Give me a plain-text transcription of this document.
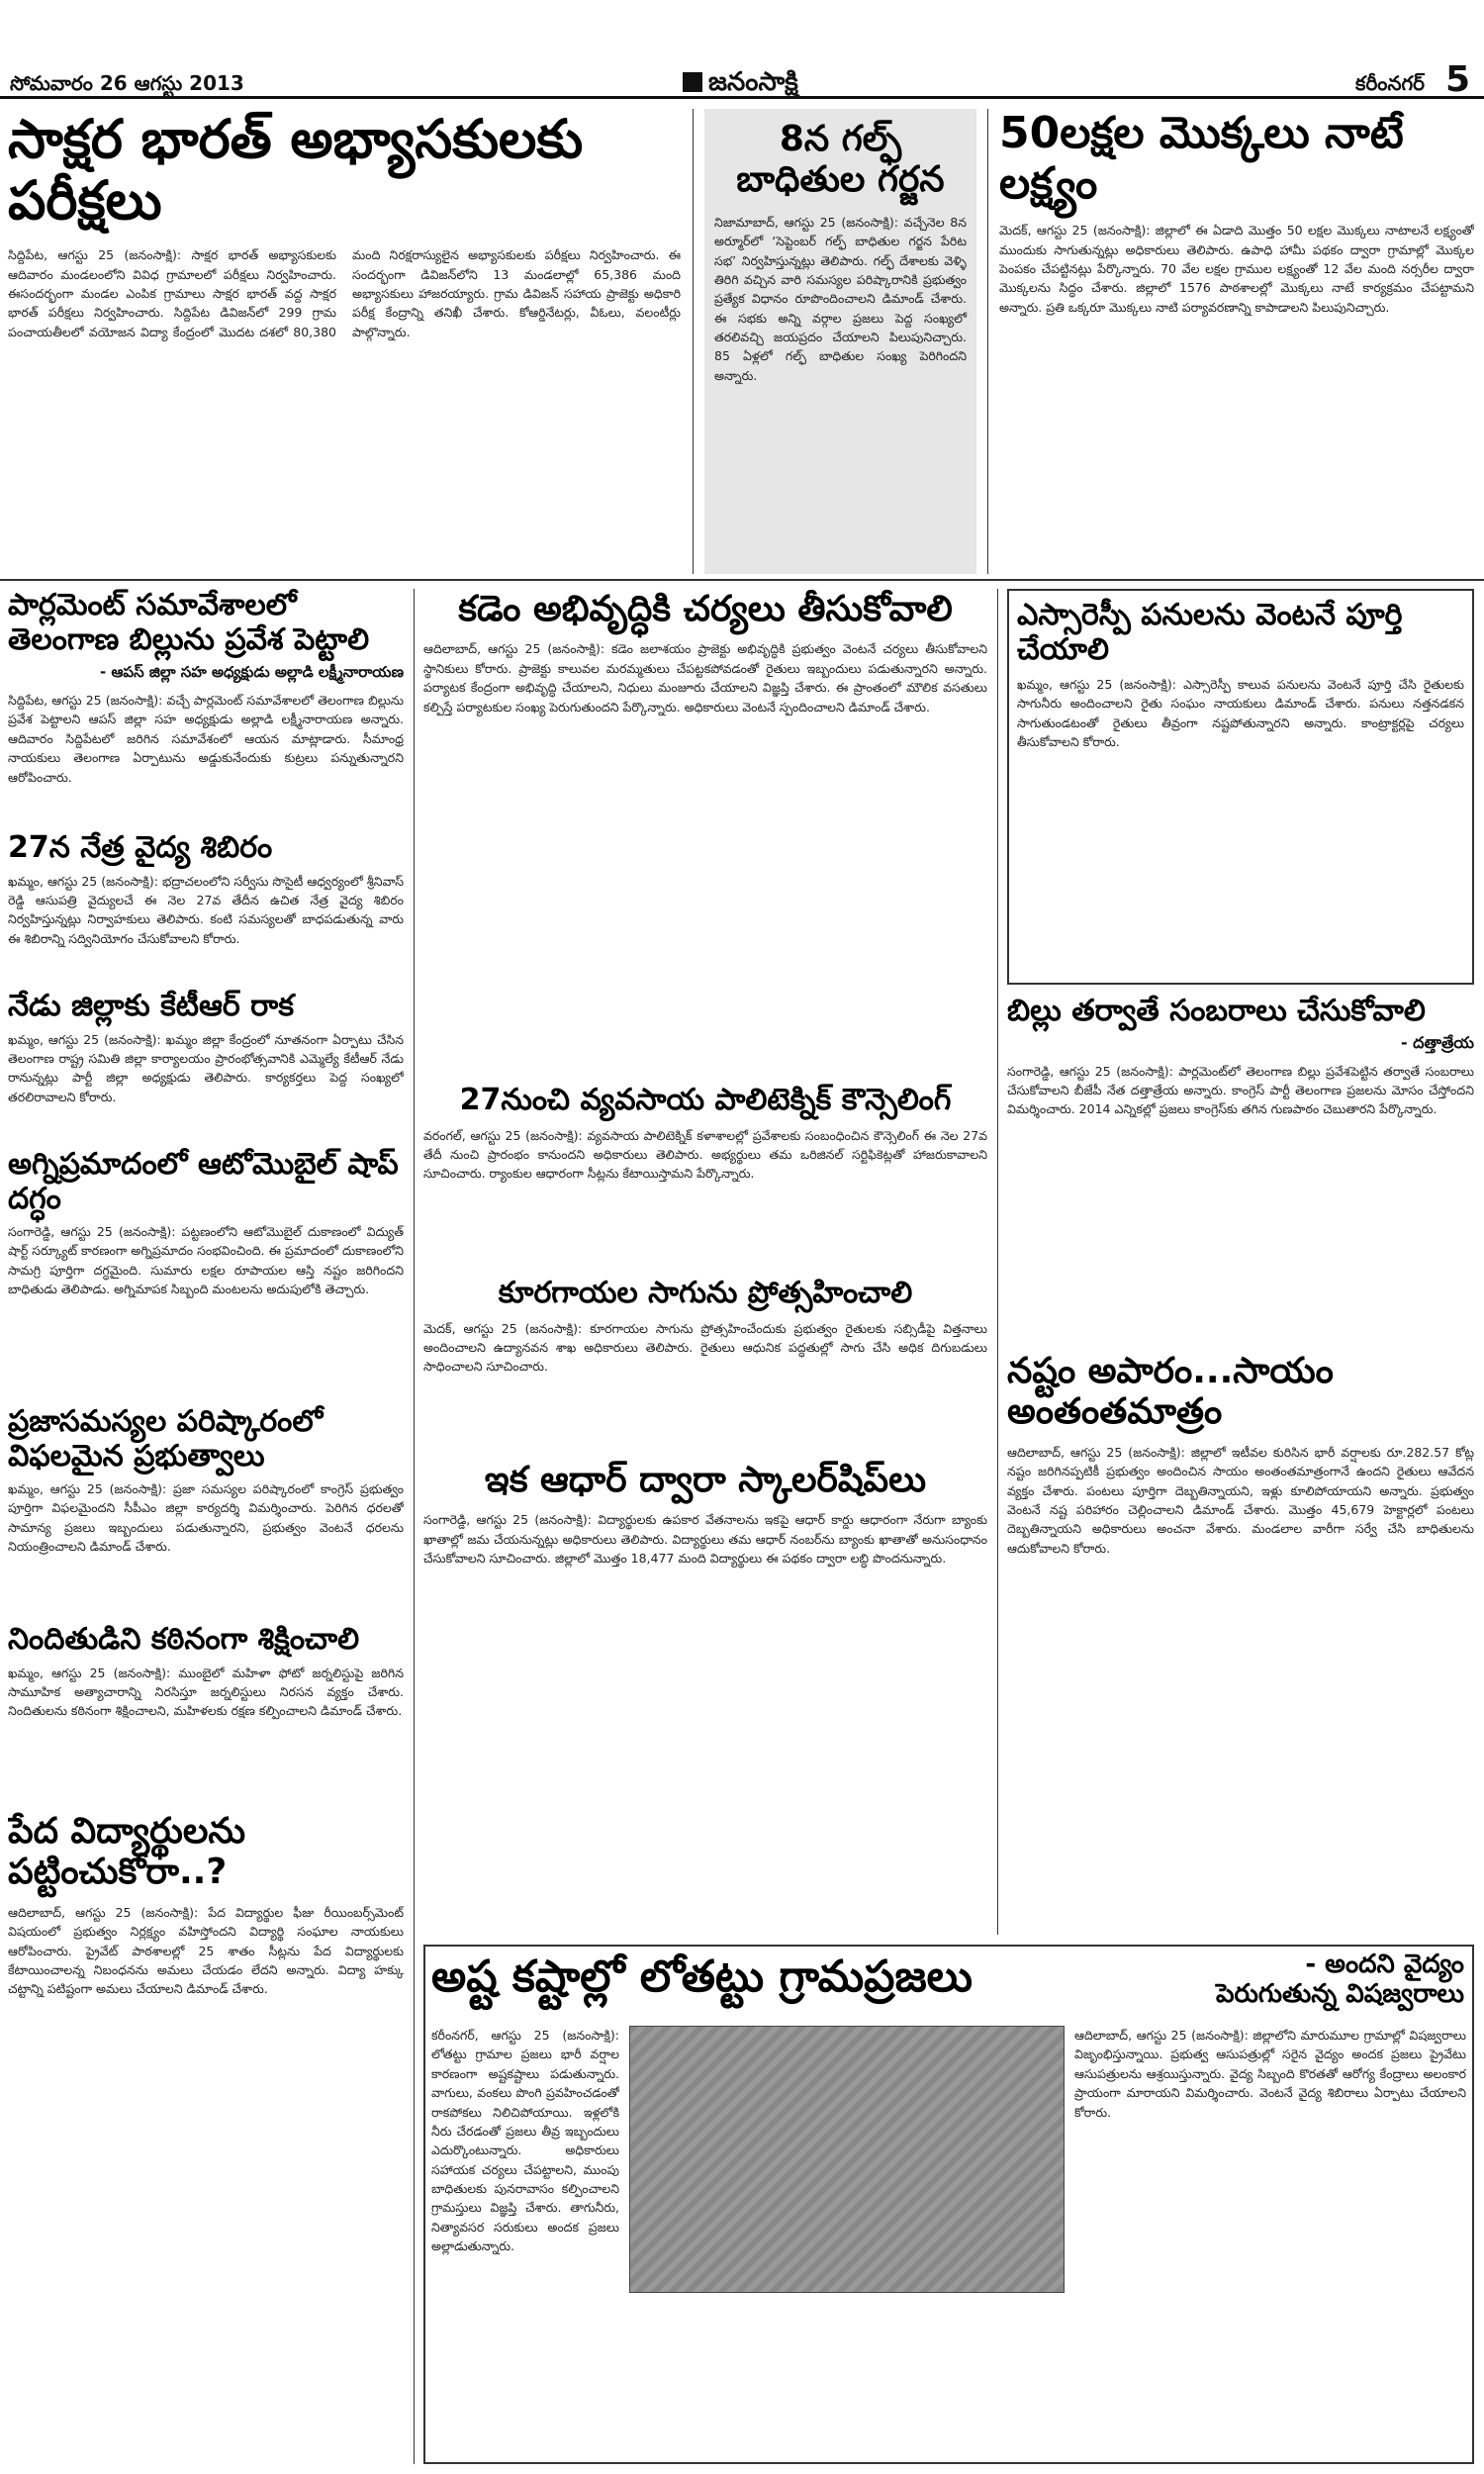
సోమవారం 26 ఆగస్టు 2013	జనంసాక్షి	కరీంనగర్ 5
సాక్షర భారత్ అభ్యాసకులకు పరీక్షలు
సిద్దిపేట, ఆగస్టు 25 (జనంసాక్షి): సాక్షర భారత్ అభ్యాసకులకు ఆదివారం మండలంలోని వివిధ గ్రామాలలో పరీక్షలు నిర్వహించారు. ఈసందర్భంగా మండల ఎంపిక గ్రామాలు సాక్షర భారత్ వద్ద సాక్షర భారత్ పరీక్షలు నిర్వహించారు. సిద్దిపేట డివిజన్‌లో 299 గ్రామ పంచాయతీలలో వయోజన విద్యా కేంద్రంలో మొదట దశలో 80,380 మంది నిరక్షరాస్యులైన అభ్యాసకులకు పరీక్షలు నిర్వహించారు. ఈ సందర్భంగా డివిజన్‌లోని 13 మండలాల్లో 65,386 మంది అభ్యాసకులు హాజరయ్యారు. గ్రామ డివిజన్ సహాయ ప్రాజెక్టు అధికారి పరీక్ష కేంద్రాన్ని తనిఖీ చేశారు. కోఆర్డినేటర్లు, వీఓలు, వలంటీర్లు పాల్గొన్నారు.
8న గల్ఫ్ బాధితుల గర్జన
నిజామాబాద్, ఆగస్టు 25 (జనంసాక్షి): వచ్చేనెల 8న అర్మూర్‌లో ‘సెప్టెంబర్ గల్ఫ్ బాధితుల గర్జన పేరిట సభ’ నిర్వహిస్తున్నట్లు తెలిపారు. గల్ఫ్ దేశాలకు వెళ్ళి తిరిగి వచ్చిన వారి సమస్యల పరిష్కారానికి ప్రభుత్వం ప్రత్యేక విధానం రూపొందించాలని డిమాండ్ చేశారు. ఈ సభకు అన్ని వర్గాల ప్రజలు పెద్ద సంఖ్యలో తరలివచ్చి జయప్రదం చేయాలని పిలుపునిచ్చారు. 85 ఏళ్లలో గల్ఫ్ బాధితుల సంఖ్య పెరిగిందని అన్నారు.
50లక్షల మొక్కలు నాటే లక్ష్యం
మెదక్, ఆగస్టు 25 (జనంసాక్షి): జిల్లాలో ఈ ఏడాది మొత్తం 50 లక్షల మొక్కలు నాటాలనే లక్ష్యంతో ముందుకు సాగుతున్నట్లు అధికారులు తెలిపారు. ఉపాధి హామీ పథకం ద్వారా గ్రామాల్లో మొక్కల పెంపకం చేపట్టినట్లు పేర్కొన్నారు. 70 వేల లక్షల గ్రాముల లక్ష్యంతో 12 వేల మంది నర్సరీల ద్వారా మొక్కలను సిద్ధం చేశారు. జిల్లాలో 1576 పాఠశాలల్లో మొక్కలు నాటే కార్యక్రమం చేపట్టామని అన్నారు. ప్రతి ఒక్కరూ మొక్కలు నాటి పర్యావరణాన్ని కాపాడాలని పిలుపునిచ్చారు.
పార్లమెంట్ సమావేశాలలో తెలంగాణ బిల్లును ప్రవేశ పెట్టాలి
- ఆపస్ జిల్లా సహ అధ్యక్షుడు అల్లాడి లక్ష్మీనారాయణ
సిద్దిపేట, ఆగస్టు 25 (జనంసాక్షి): వచ్చే పార్లమెంట్ సమావేశాలలో తెలంగాణ బిల్లును ప్రవేశ పెట్టాలని ఆపస్ జిల్లా సహ అధ్యక్షుడు అల్లాడి లక్ష్మీనారాయణ అన్నారు. ఆదివారం సిద్దిపేటలో జరిగిన సమావేశంలో ఆయన మాట్లాడారు. సీమాంధ్ర నాయకులు తెలంగాణ ఏర్పాటును అడ్డుకునేందుకు కుట్రలు పన్నుతున్నారని ఆరోపించారు.
27న నేత్ర వైద్య శిబిరం
ఖమ్మం, ఆగస్టు 25 (జనంసాక్షి): భద్రాచలంలోని సర్వీసు సొసైటీ ఆధ్వర్యంలో శ్రీనివాస్ రెడ్డి ఆసుపత్రి వైద్యులచే ఈ నెల 27వ తేదీన ఉచిత నేత్ర వైద్య శిబిరం నిర్వహిస్తున్నట్లు నిర్వాహకులు తెలిపారు. కంటి సమస్యలతో బాధపడుతున్న వారు ఈ శిబిరాన్ని సద్వినియోగం చేసుకోవాలని కోరారు.
నేడు జిల్లాకు కేటీఆర్ రాక
ఖమ్మం, ఆగస్టు 25 (జనంసాక్షి): ఖమ్మం జిల్లా కేంద్రంలో నూతనంగా ఏర్పాటు చేసిన తెలంగాణ రాష్ట్ర సమితి జిల్లా కార్యాలయం ప్రారంభోత్సవానికి ఎమ్మెల్యే కేటీఆర్ నేడు రానున్నట్లు పార్టీ జిల్లా అధ్యక్షుడు తెలిపారు. కార్యకర్తలు పెద్ద సంఖ్యలో తరలిరావాలని కోరారు.
అగ్నిప్రమాదంలో ఆటోమొబైల్ షాప్ దగ్ధం
సంగారెడ్డి, ఆగస్టు 25 (జనంసాక్షి): పట్టణంలోని ఆటోమొబైల్ దుకాణంలో విద్యుత్ షార్ట్ సర్క్యూట్ కారణంగా అగ్నిప్రమాదం సంభవించింది. ఈ ప్రమాదంలో దుకాణంలోని సామగ్రి పూర్తిగా దగ్ధమైంది. సుమారు లక్షల రూపాయల ఆస్తి నష్టం జరిగిందని బాధితుడు తెలిపాడు. అగ్నిమాపక సిబ్బంది మంటలను అదుపులోకి తెచ్చారు.
ప్రజాసమస్యల పరిష్కారంలో విఫలమైన ప్రభుత్వాలు
ఖమ్మం, ఆగస్టు 25 (జనంసాక్షి): ప్రజా సమస్యల పరిష్కారంలో కాంగ్రెస్ ప్రభుత్వం పూర్తిగా విఫలమైందని సీపీఎం జిల్లా కార్యదర్శి విమర్శించారు. పెరిగిన ధరలతో సామాన్య ప్రజలు ఇబ్బందులు పడుతున్నారని, ప్రభుత్వం వెంటనే ధరలను నియంత్రించాలని డిమాండ్ చేశారు.
నిందితుడిని కఠినంగా శిక్షించాలి
ఖమ్మం, ఆగస్టు 25 (జనంసాక్షి): ముంబైలో మహిళా ఫోటో జర్నలిస్టుపై జరిగిన సామూహిక అత్యాచారాన్ని నిరసిస్తూ జర్నలిస్టులు నిరసన వ్యక్తం చేశారు. నిందితులను కఠినంగా శిక్షించాలని, మహిళలకు రక్షణ కల్పించాలని డిమాండ్ చేశారు.
పేద విద్యార్థులను పట్టించుకోరా..?
ఆదిలాబాద్, ఆగస్టు 25 (జనంసాక్షి): పేద విద్యార్థుల ఫీజు రీయింబర్స్‌మెంట్ విషయంలో ప్రభుత్వం నిర్లక్ష్యం వహిస్తోందని విద్యార్థి సంఘాల నాయకులు ఆరోపించారు. ప్రైవేట్ పాఠశాలల్లో 25 శాతం సీట్లను పేద విద్యార్థులకు కేటాయించాలన్న నిబంధనను అమలు చేయడం లేదని అన్నారు. విద్యా హక్కు చట్టాన్ని పటిష్టంగా అమలు చేయాలని డిమాండ్ చేశారు.
కడెం అభివృద్ధికి చర్యలు తీసుకోవాలి
ఆదిలాబాద్, ఆగస్టు 25 (జనంసాక్షి): కడెం జలాశయం ప్రాజెక్టు అభివృద్ధికి ప్రభుత్వం వెంటనే చర్యలు తీసుకోవాలని స్థానికులు కోరారు. ప్రాజెక్టు కాలువల మరమ్మతులు చేపట్టకపోవడంతో రైతులు ఇబ్బందులు పడుతున్నారని అన్నారు. పర్యాటక కేంద్రంగా అభివృద్ధి చేయాలని, నిధులు మంజూరు చేయాలని విజ్ఞప్తి చేశారు. ఈ ప్రాంతంలో మౌలిక వసతులు కల్పిస్తే పర్యాటకుల సంఖ్య పెరుగుతుందని పేర్కొన్నారు. అధికారులు వెంటనే స్పందించాలని డిమాండ్ చేశారు.
27నుంచి వ్యవసాయ పాలిటెక్నిక్ కౌన్సెలింగ్
వరంగల్, ఆగస్టు 25 (జనంసాక్షి): వ్యవసాయ పాలిటెక్నిక్ కళాశాలల్లో ప్రవేశాలకు సంబంధించిన కౌన్సెలింగ్ ఈ నెల 27వ తేదీ నుంచి ప్రారంభం కానుందని అధికారులు తెలిపారు. అభ్యర్థులు తమ ఒరిజినల్ సర్టిఫికెట్లతో హాజరుకావాలని సూచించారు. ర్యాంకుల ఆధారంగా సీట్లను కేటాయిస్తామని పేర్కొన్నారు.
కూరగాయల సాగును ప్రోత్సహించాలి
మెదక్, ఆగస్టు 25 (జనంసాక్షి): కూరగాయల సాగును ప్రోత్సహించేందుకు ప్రభుత్వం రైతులకు సబ్సిడీపై విత్తనాలు అందించాలని ఉద్యానవన శాఖ అధికారులు తెలిపారు. రైతులు ఆధునిక పద్ధతుల్లో సాగు చేసి అధిక దిగుబడులు సాధించాలని సూచించారు.
ఇక ఆధార్ ద్వారా స్కాలర్‌షిప్‌లు
సంగారెడ్డి, ఆగస్టు 25 (జనంసాక్షి): విద్యార్థులకు ఉపకార వేతనాలను ఇకపై ఆధార్ కార్డు ఆధారంగా నేరుగా బ్యాంకు ఖాతాల్లో జమ చేయనున్నట్లు అధికారులు తెలిపారు. విద్యార్థులు తమ ఆధార్ నంబర్‌ను బ్యాంకు ఖాతాతో అనుసంధానం చేసుకోవాలని సూచించారు. జిల్లాలో మొత్తం 18,477 మంది విద్యార్థులు ఈ పథకం ద్వారా లబ్ధి పొందనున్నారు.
ఎస్సారెస్పీ పనులను వెంటనే పూర్తి చేయాలి
ఖమ్మం, ఆగస్టు 25 (జనంసాక్షి): ఎస్సారెస్పీ కాలువ పనులను వెంటనే పూర్తి చేసి రైతులకు సాగునీరు అందించాలని రైతు సంఘం నాయకులు డిమాండ్ చేశారు. పనులు నత్తనడకన సాగుతుండటంతో రైతులు తీవ్రంగా నష్టపోతున్నారని అన్నారు. కాంట్రాక్టర్లపై చర్యలు తీసుకోవాలని కోరారు.
బిల్లు తర్వాతే సంబరాలు చేసుకోవాలి
- దత్తాత్రేయ
సంగారెడ్డి, ఆగస్టు 25 (జనంసాక్షి): పార్లమెంట్‌లో తెలంగాణ బిల్లు ప్రవేశపెట్టిన తర్వాతే సంబరాలు చేసుకోవాలని బీజేపీ నేత దత్తాత్రేయ అన్నారు. కాంగ్రెస్ పార్టీ తెలంగాణ ప్రజలను మోసం చేస్తోందని విమర్శించారు. 2014 ఎన్నికల్లో ప్రజలు కాంగ్రెస్‌కు తగిన గుణపాఠం చెబుతారని పేర్కొన్నారు.
నష్టం అపారం...సాయం అంతంతమాత్రం
ఆదిలాబాద్, ఆగస్టు 25 (జనంసాక్షి): జిల్లాలో ఇటీవల కురిసిన భారీ వర్షాలకు రూ.282.57 కోట్ల నష్టం జరిగినప్పటికీ ప్రభుత్వం అందించిన సాయం అంతంతమాత్రంగానే ఉందని రైతులు ఆవేదన వ్యక్తం చేశారు. పంటలు పూర్తిగా దెబ్బతిన్నాయని, ఇళ్లు కూలిపోయాయని అన్నారు. ప్రభుత్వం వెంటనే నష్ట పరిహారం చెల్లించాలని డిమాండ్ చేశారు. మొత్తం 45,679 హెక్టార్లలో పంటలు దెబ్బతిన్నాయని అధికారులు అంచనా వేశారు. మండలాల వారీగా సర్వే చేసి బాధితులను ఆదుకోవాలని కోరారు.
అష్ట కష్టాల్లో లోతట్టు గ్రామప్రజలు	- అందని వైద్యం
పెరుగుతున్న విషజ్వరాలు
కరీంనగర్, ఆగస్టు 25 (జనంసాక్షి): లోతట్టు గ్రామాల ప్రజలు భారీ వర్షాల కారణంగా అష్టకష్టాలు పడుతున్నారు. వాగులు, వంకలు పొంగి ప్రవహించడంతో రాకపోకలు నిలిచిపోయాయి. ఇళ్లలోకి నీరు చేరడంతో ప్రజలు తీవ్ర ఇబ్బందులు ఎదుర్కొంటున్నారు. అధికారులు సహాయక చర్యలు చేపట్టాలని, ముంపు బాధితులకు పునరావాసం కల్పించాలని గ్రామస్తులు విజ్ఞప్తి చేశారు. తాగునీరు, నిత్యావసర సరుకులు అందక ప్రజలు అల్లాడుతున్నారు.
ఆదిలాబాద్, ఆగస్టు 25 (జనంసాక్షి): జిల్లాలోని మారుమూల గ్రామాల్లో విషజ్వరాలు విజృంభిస్తున్నాయి. ప్రభుత్వ ఆసుపత్రుల్లో సరైన వైద్యం అందక ప్రజలు ప్రైవేటు ఆసుపత్రులను ఆశ్రయిస్తున్నారు. వైద్య సిబ్బంది కొరతతో ఆరోగ్య కేంద్రాలు అలంకార ప్రాయంగా మారాయని విమర్శించారు. వెంటనే వైద్య శిబిరాలు ఏర్పాటు చేయాలని కోరారు.
